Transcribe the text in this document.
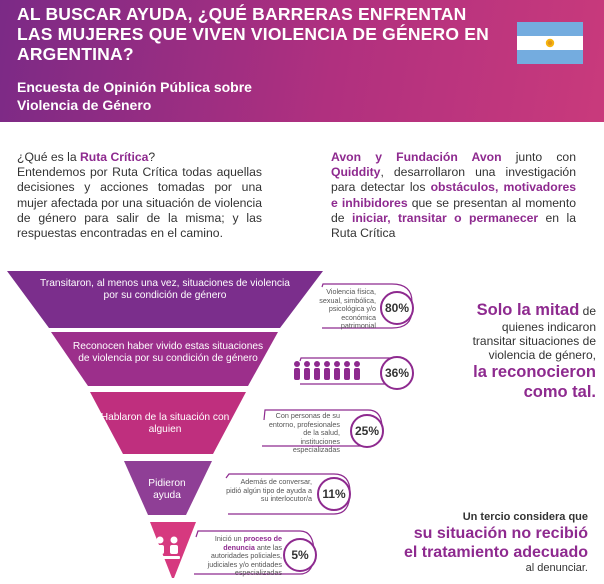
AL BUSCAR AYUDA, ¿QUÉ BARRERAS ENFRENTAN LAS MUJERES QUE VIVEN VIOLENCIA DE GÉNERO EN ARGENTINA?
Encuesta de Opinión Pública sobre Violencia de Género
¿Qué es la Ruta Crítica?
Entendemos por Ruta Crítica todas aquellas decisiones y acciones tomadas por una mujer afectada por una situación de violencia de género para salir de la misma; y las respuestas encontradas en el camino.
Avon y Fundación Avon junto con Quiddity, desarrollaron una investigación para detectar los obstáculos, motivadores e inhibidores que se presentan al momento de iniciar, transitar o permanecer en la Ruta Crítica
Transitaron, al menos una vez, situaciones de violencia por su condición de género
Reconocen haber vivido estas situaciones de violencia por su condición de género
Hablaron de la situación con alguien
Pidieron ayuda
Violencia física, sexual, simbólica, psicológica y/o económica patrimonial
Con personas de su entorno, profesionales de la salud, instituciones especializadas
Además de conversar, pidió algún tipo de ayuda a su interlocutor/a
Inició un proceso de denuncia ante las autoridades policiales, judiciales y/o entidades especializadas
80%
36%
25%
11%
5%
Solo la mitad de quienes indicaron transitar situaciones de violencia de género,
la reconocieron como tal.
Un tercio considera que
su situación no recibió el tratamiento adecuado al denunciar.
